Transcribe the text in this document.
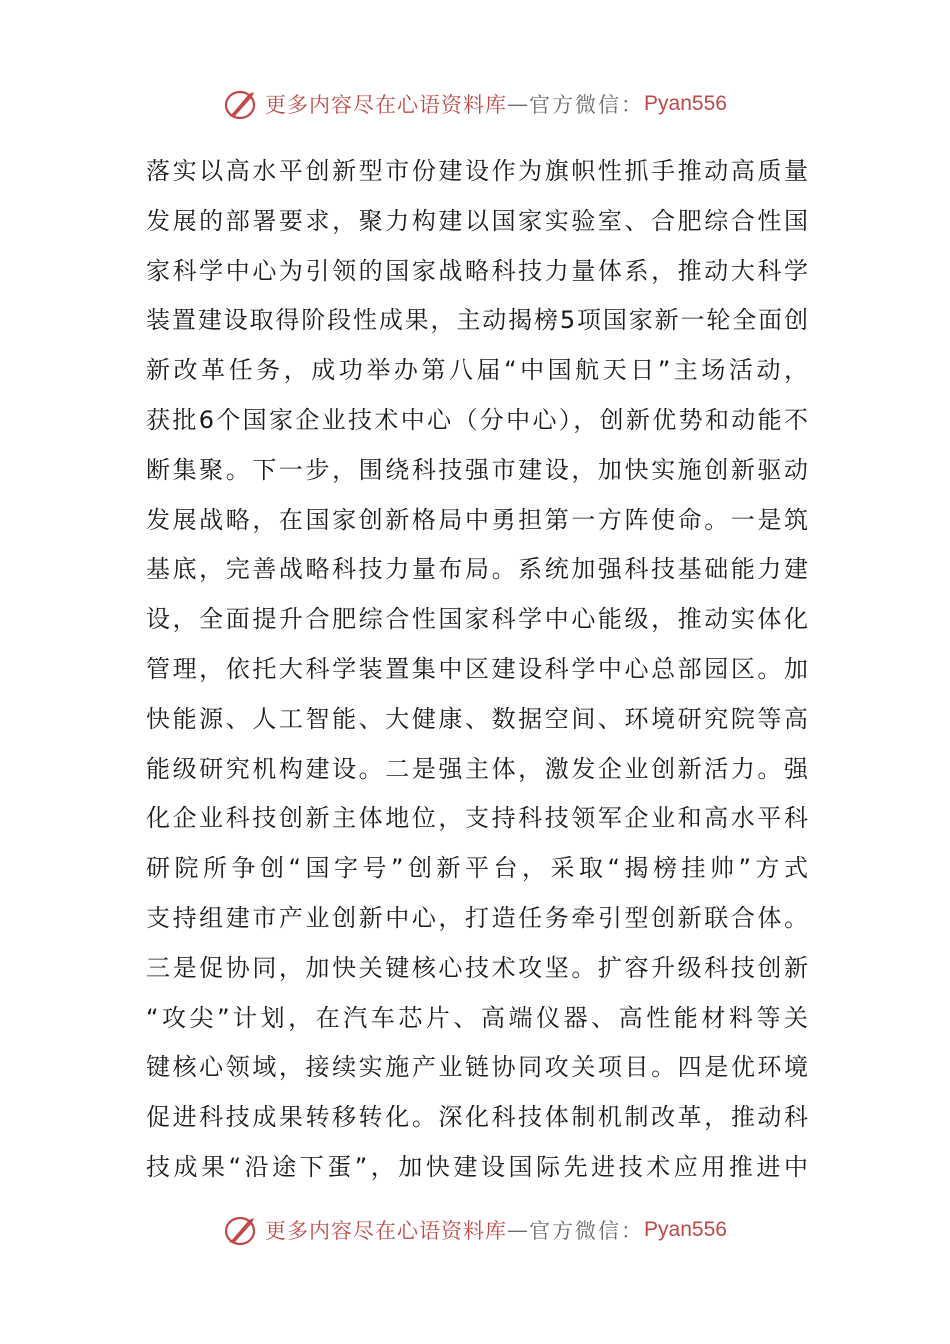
更多内容尽在心语资料库 — 官方微信： Pyan556
落实以高水平创新型市份建设作为旗帜性抓手推动高质量
发展的部署要求，聚力构建以国家实验室、合肥综合性国
家科学中心为引领的国家战略科技力量体系，推动大科学
装置建设取得阶段性成果，主动揭榜5项国家新一轮全面创
新改革任务，成功举办第八届“中国航天日”主场活动，
获批6个国家企业技术中心（分中心），创新优势和动能不
断集聚。下一步，围绕科技强市建设，加快实施创新驱动
发展战略，在国家创新格局中勇担第一方阵使命。一是筑
基底，完善战略科技力量布局。系统加强科技基础能力建
设，全面提升合肥综合性国家科学中心能级，推动实体化
管理，依托大科学装置集中区建设科学中心总部园区。加
快能源、人工智能、大健康、数据空间、环境研究院等高
能级研究机构建设。二是强主体，激发企业创新活力。强
化企业科技创新主体地位，支持科技领军企业和高水平科
研院所争创“国字号”创新平台，采取“揭榜挂帅”方式
支持组建市产业创新中心，打造任务牵引型创新联合体。
三是促协同，加快关键核心技术攻坚。扩容升级科技创新
“攻尖”计划，在汽车芯片、高端仪器、高性能材料等关
键核心领域，接续实施产业链协同攻关项目。四是优环境
促进科技成果转移转化。深化科技体制机制改革，推动科
技成果“沿途下蛋”，加快建设国际先进技术应用推进中
更多内容尽在心语资料库 — 官方微信： Pyan556
